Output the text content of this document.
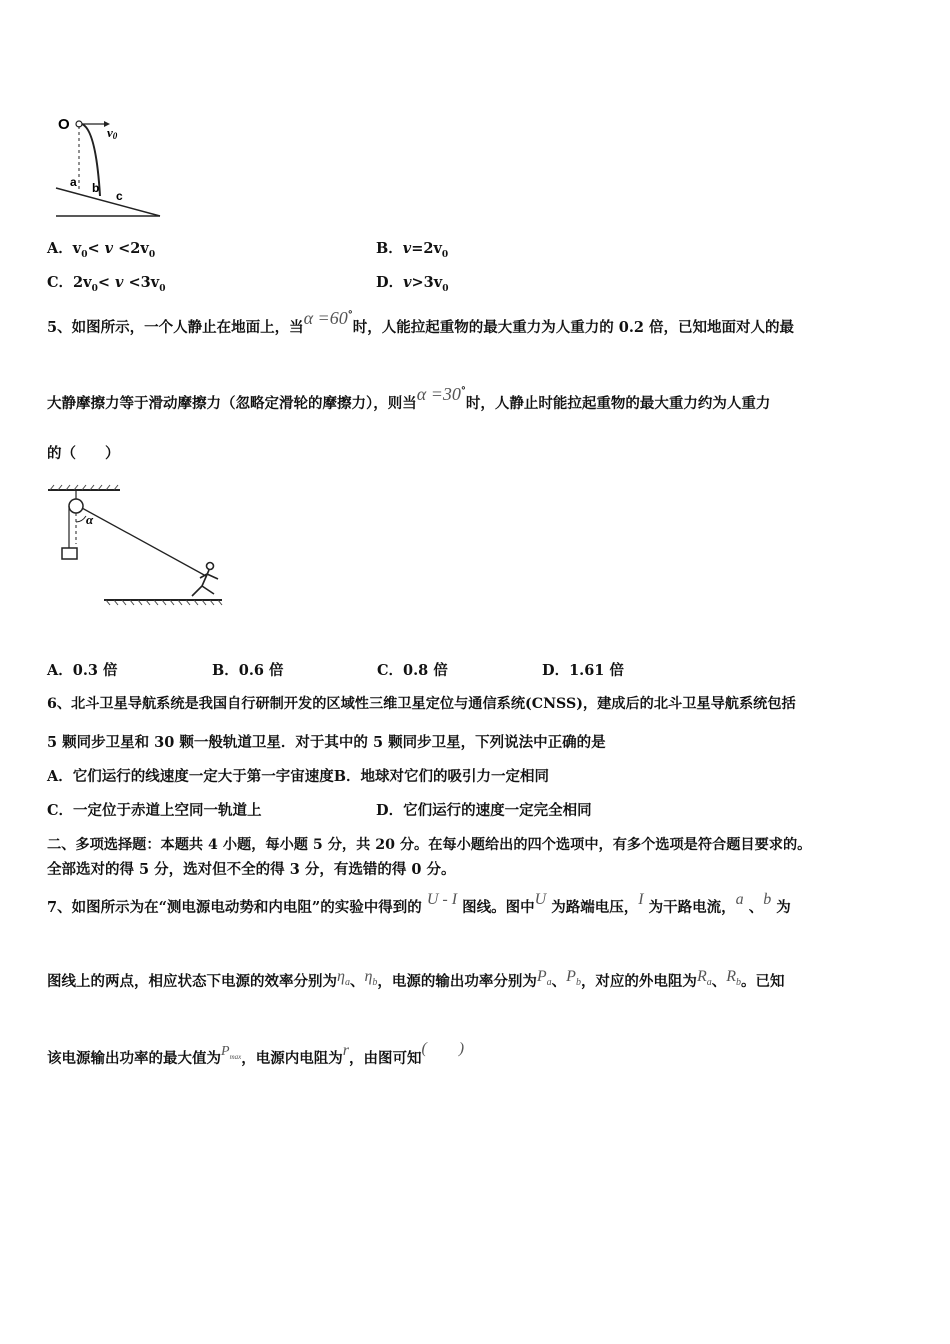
O	v0
a b
c
A．$v_0< v <2v_0$	B．$v=2v_0$
C．$2v_0< v <3v_0$	D．$v>3v_0$
5、如图所示，一个人静止在地面上，当α =60°时，人能拉起重物的最大重力为人重力的 0.2 倍，已知地面对人的最
大静摩擦力等于滑动摩擦力（忽略定滑轮的摩擦力），则当α =30°时，人静止时能拉起重物的最大重力约为人重力
的（　　）
α
A．0.3 倍	B．0.6 倍	C．0.8 倍	D．1.61 倍
6、北斗卫星导航系统是我国自行研制开发的区域性三维卫星定位与通信系统(CNSS)，建成后的北斗卫星导航系统包括
5 颗同步卫星和 30 颗一般轨道卫星．对于其中的 5 颗同步卫星，下列说法中正确的是
A．它们运行的线速度一定大于第一宇宙速度B．地球对它们的吸引力一定相同
C．一定位于赤道上空同一轨道上	D．它们运行的速度一定完全相同
二、多项选择题：本题共 4 小题，每小题 5 分，共 20 分。在每小题给出的四个选项中，有多个选项是符合题目要求的。
全部选对的得 5 分，选对但不全的得 3 分，有选错的得 0 分。
7、如图所示为在“测电源电动势和内电阻”的实验中得到的 U - I 图线。图中U 为路端电压，I 为干路电流，a 、b 为
图线上的两点，相应状态下电源的效率分别为$\eta_a$、$\eta_b$，电源的输出功率分别为$P_a$、$P_b$，对应的外电阻为$R_a$、$R_b$。已知
该电源输出功率的最大值为$P_{max}$，电源内电阻为r，由图可知(　　)
